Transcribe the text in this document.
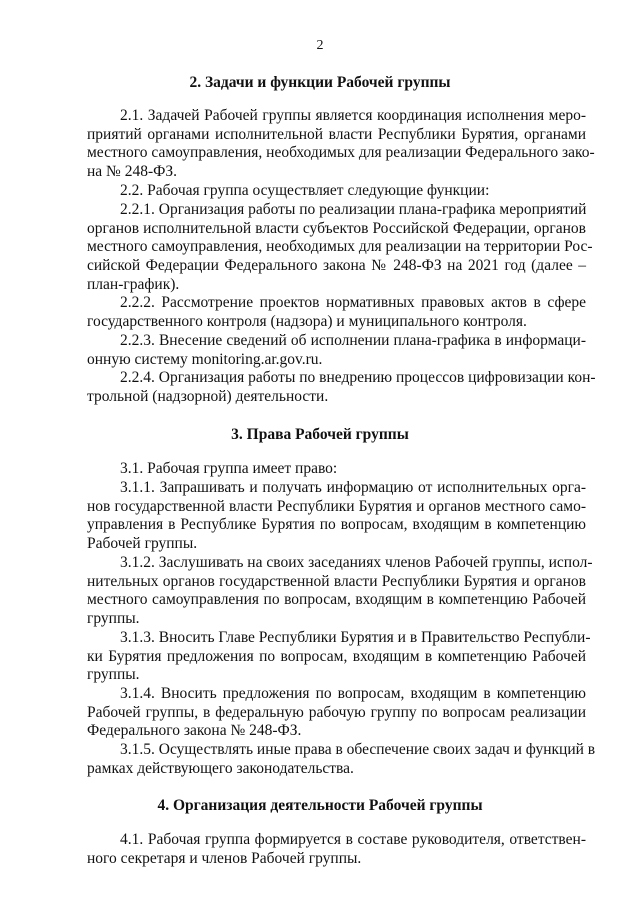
2
2. Задачи и функции Рабочей группы
2.1. Задачей Рабочей группы является координация исполнения меро-
приятий органами исполнительной власти Республики Бурятия, органами
местного самоуправления, необходимых для реализации Федерального зако-
на № 248-ФЗ.
2.2. Рабочая группа осуществляет следующие функции:
2.2.1. Организация работы по реализации плана-графика мероприятий
органов исполнительной власти субъектов Российской Федерации, органов
местного самоуправления, необходимых для реализации на территории Рос-
сийской Федерации Федерального закона № 248-ФЗ на 2021 год (далее –
план-график).
2.2.2. Рассмотрение проектов нормативных правовых актов в сфере
государственного контроля (надзора) и муниципального контроля.
2.2.3. Внесение сведений об исполнении плана-графика в информаци-
онную систему monitoring.ar.gov.ru.
2.2.4. Организация работы по внедрению процессов цифровизации кон-
трольной (надзорной) деятельности.
3. Права Рабочей группы
3.1. Рабочая группа имеет право:
3.1.1. Запрашивать и получать информацию от исполнительных орга-
нов государственной власти Республики Бурятия и органов местного само-
управления в Республике Бурятия по вопросам, входящим в компетенцию
Рабочей группы.
3.1.2. Заслушивать на своих заседаниях членов Рабочей группы, испол-
нительных органов государственной власти Республики Бурятия и органов
местного самоуправления по вопросам, входящим в компетенцию Рабочей
группы.
3.1.3. Вносить Главе Республики Бурятия и в Правительство Республи-
ки Бурятия предложения по вопросам, входящим в компетенцию Рабочей
группы.
3.1.4. Вносить предложения по вопросам, входящим в компетенцию
Рабочей группы, в федеральную рабочую группу по вопросам реализации
Федерального закона № 248-ФЗ.
3.1.5. Осуществлять иные права в обеспечение своих задач и функций в
рамках действующего законодательства.
4. Организация деятельности Рабочей группы
4.1. Рабочая группа формируется в составе руководителя, ответствен-
ного секретаря и членов Рабочей группы.
